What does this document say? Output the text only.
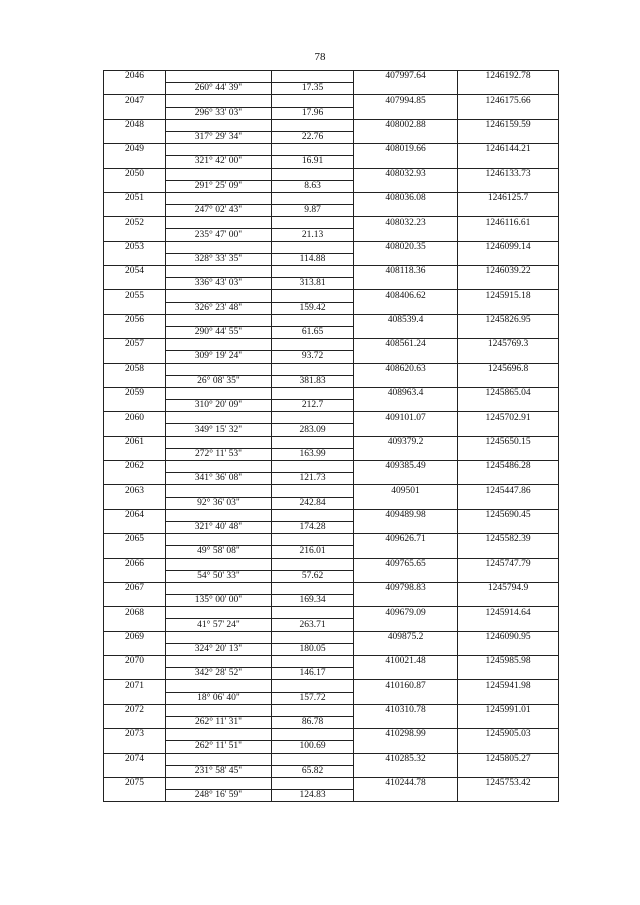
78
2046			407997.64	1246192.78
	260° 44' 39"	17.35		
2047			407994.85	1246175.66
	296° 33' 03"	17.96		
2048			408002.88	1246159.59
	317° 29' 34"	22.76		
2049			408019.66	1246144.21
	321° 42' 00"	16.91		
2050			408032.93	1246133.73
	291° 25' 09"	8.63		
2051			408036.08	1246125.7
	247° 02' 43"	9.87		
2052			408032.23	1246116.61
	235° 47' 00"	21.13		
2053			408020.35	1246099.14
	328° 33' 35"	114.88		
2054			408118.36	1246039.22
	336° 43' 03"	313.81		
2055			408406.62	1245915.18
	326° 23' 48"	159.42		
2056			408539.4	1245826.95
	290° 44' 55"	61.65		
2057			408561.24	1245769.3
	309° 19' 24"	93.72		
2058			408620.63	1245696.8
	26° 08' 35"	381.83		
2059			408963.4	1245865.04
	310° 20' 09"	212.7		
2060			409101.07	1245702.91
	349° 15' 32"	283.09		
2061			409379.2	1245650.15
	272° 11' 53"	163.99		
2062			409385.49	1245486.28
	341° 36' 08"	121.73		
2063			409501	1245447.86
	92° 36' 03"	242.84		
2064			409489.98	1245690.45
	321° 40' 48"	174.28		
2065			409626.71	1245582.39
	49° 58' 08"	216.01		
2066			409765.65	1245747.79
	54° 50' 33"	57.62		
2067			409798.83	1245794.9
	135° 00' 00"	169.34		
2068			409679.09	1245914.64
	41° 57' 24"	263.71		
2069			409875.2	1246090.95
	324° 20' 13"	180.05		
2070			410021.48	1245985.98
	342° 28' 52"	146.17		
2071			410160.87	1245941.98
	18° 06' 40"	157.72		
2072			410310.78	1245991.01
	262° 11' 31"	86.78		
2073			410298.99	1245905.03
	262° 11' 51"	100.69		
2074			410285.32	1245805.27
	231° 58' 45"	65.82		
2075			410244.78	1245753.42
	248° 16' 59"	124.83		
